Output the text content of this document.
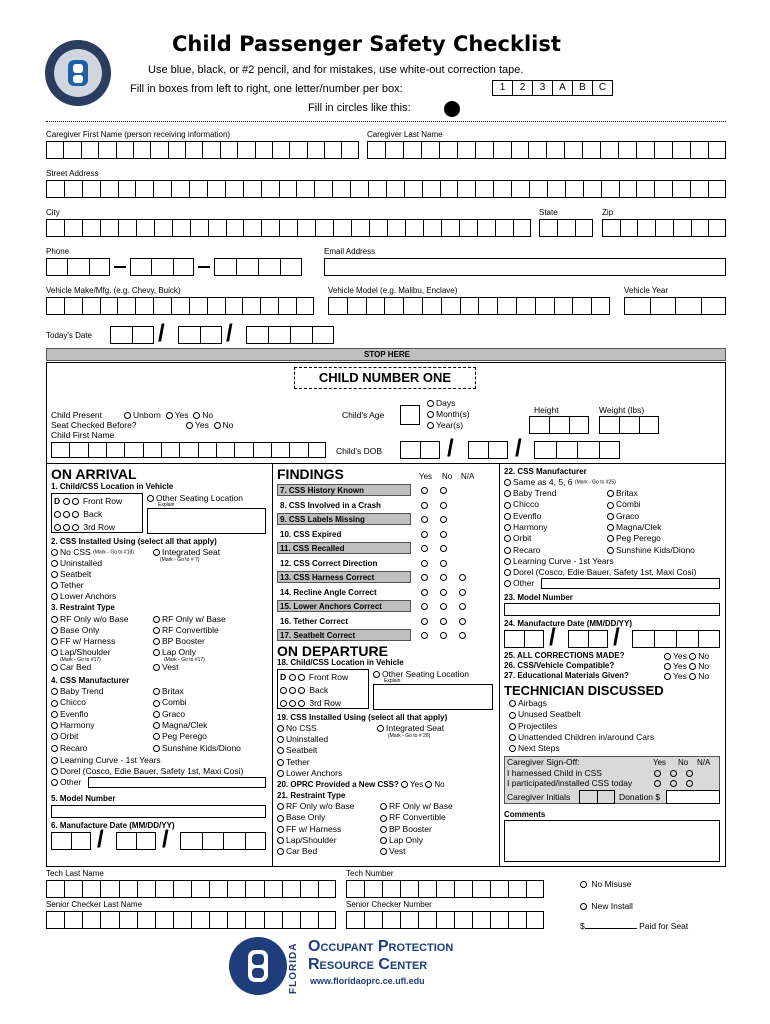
Child Passenger Safety Checklist
Use blue, black, or #2 pencil, and for mistakes, use white-out correction tape.
Fill in boxes from left to right, one letter/number per box:	1	2	3	A	B	C
Fill in circles like this:
Caregiver First Name (person receiving information)	Caregiver Last Name
Street Address
City	State	Zip
Phone	Email Address
Vehicle Make/Mfg. (e.g. Chevy, Buick)	Vehicle Model (e.g. Malibu, Enclave)	Vehicle Year
Today's Date	/	/
STOP HERE
CHILD NUMBER ONE
Child Present	Unborn Yes No
Seat Checked Before?	Yes No
Child First Name
Child's Age
Days
Month(s)
Year(s)
Height	Weight (lbs)
Child's DOB	/	/
ON ARRIVAL
1. Child/CSS Location in Vehicle
D	Front Row
Back
3rd Row
Other Seating Location
Explain
2. CSS Installed Using (select all that apply)
No CSS (Mark - Go to #18)	Integrated Seat
(Mark - Go to # 7)
Uninstalled
Seatbelt
Tether
Lower Anchors
3. Restraint Type
(Mark - Go to #17)	(Mark - Go to #17)
4. CSS Manufacturer
Learning Curve - 1st Years
Dorel (Cosco, Edie Bauer, Safety 1st, Maxi Cosi)
Other
5. Model Number
6. Manufacture Date (MM/DD/YY)
/ /
FINDINGS	Yes No N/A
ON DEPARTURE
18. Child/CSS Location in Vehicle
D	Front Row
Back
3rd Row
Other Seating Location
Explain
19. CSS Installed Using (select all that apply)
No CSS	Integrated Seat
(Mark - Go to # 26)
Uninstalled
Seatbelt
Tether
Lower Anchors
20. OPRC Provided a New CSS? Yes No
21. Restraint Type
22. CSS Manufacturer
Same as 4, 5, 6 (Mark - Go to #25)
Learning Curve - 1st Years
Dorel (Cosco, Edie Bauer, Safety 1st, Maxi Cosi)
Other
23. Model Number
24. Manufacture Date (MM/DD/YY)
/ /
25. ALL CORRECTIONS MADE?	Yes No
26. CSS/Vehicle Compatible?	Yes No
27. Educational Materials Given?	Yes No
TECHNICIAN DISCUSSED
Caregiver Sign-Off:	Yes No N/A
I harnessed Child in CSS

I participated/installed CSS today

Caregiver Initials	Donation $
Comments
Tech Last Name	Tech Number
Senior Checker Last Name	Senior Checker Number
No Misuse
New Install
$	Paid for Seat
FLORIDA Occupant Protection
Resource Center
www.floridaoprc.ce.ufl.edu
RF Only w/o Base
Base Only
FF w/ Harness
Lap/Shoulder
Car Bed
RF Only w/ Base
RF Convertible
BP Booster
Lap Only
Vest
Baby Trend
Chicco
Evenflo
Harmony
Orbit
Recaro
Britax
Combi
Graco
Magna/Clek
Peg Perego
Sunshine Kids/Diono
RF Only w/o Base
Base Only
FF w/ Harness
Lap/Shoulder
Car Bed
RF Only w/ Base
RF Convertible
BP Booster
Lap Only
Vest
Baby Trend
Chicco
Evenflo
Harmony
Orbit
Recaro
Britax
Combi
Graco
Magna/Clek
Peg Perego
Sunshine Kids/Diono
Airbags
Unused Seatbelt
Projectiles
Unattended Children in/around Cars
Next Steps
7. CSS History Known
8. CSS Involved in a Crash
9. CSS Labels Missing
10. CSS Expired
11. CSS Recalled
12. CSS Correct Direction
13. CSS Harness Correct
14. Recline Angle Correct
15. Lower Anchors Correct
16. Tether Correct
17. Seatbelt Correct
